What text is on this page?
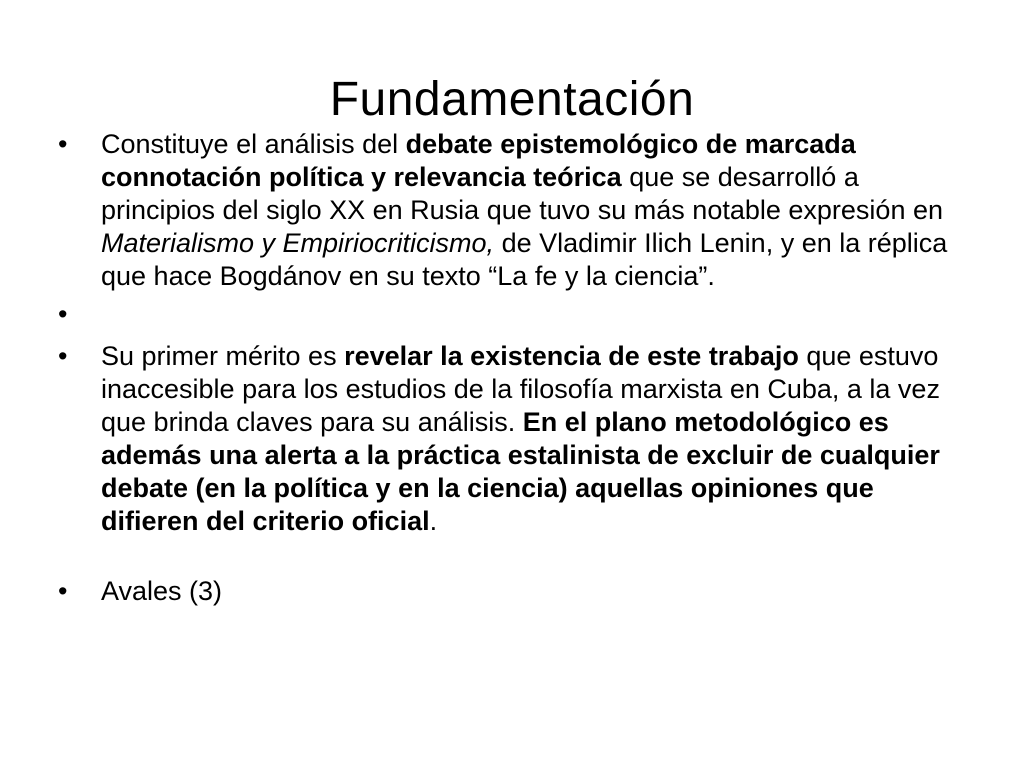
Fundamentación
•	Constituye el análisis del debate epistemológico de marcada connotación política y relevancia teórica que se desarrolló a principios del siglo XX en Rusia que tuvo su más notable expresión en Materialismo y Empiriocriticismo, de Vladimir Ilich Lenin, y en la réplica que hace Bogdánov en su texto “La fe y la ciencia”.
•
•	Su primer mérito es revelar la existencia de este trabajo que estuvo inaccesible para los estudios de la filosofía marxista en Cuba, a la vez que brinda claves para su análisis. En el plano metodológico es además una alerta a la práctica estalinista de excluir de cualquier debate (en la política y en la ciencia) aquellas opiniones que difieren del criterio oficial.
•	Avales (3)
